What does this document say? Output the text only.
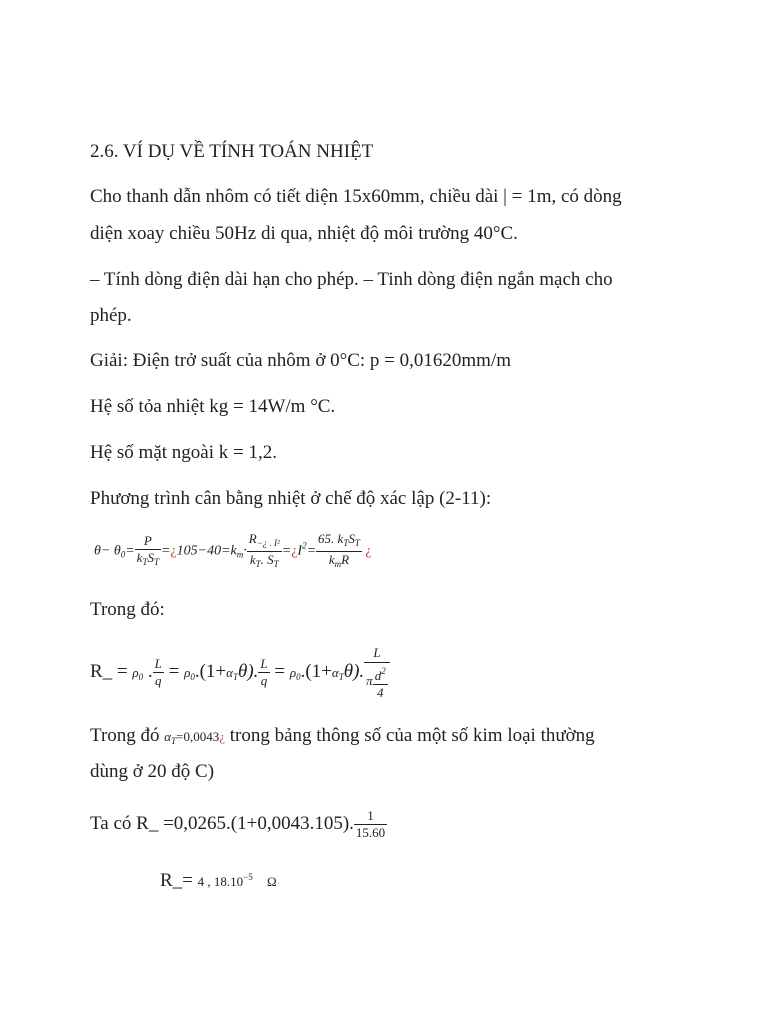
2.6. VÍ DỤ VỀ TÍNH TOÁN NHIỆT

Cho thanh dẫn nhôm có tiết diện 15x60mm, chiều dài | = 1m, có dòng

diện xoay chiều 50Hz di qua, nhiệt độ môi trường 40°C.

– Tính dòng điện dài hạn cho phép. – Tinh dòng điện ngắn mạch cho

phép.

Giải: Điện trở suất của nhôm ở 0°C: p = 0,01620mm/m

Hệ số tỏa nhiệt kg = 14W/m °C.

Hệ số mặt ngoài k = 1,2.

Phương trình cân bằng nhiệt ở chế độ xác lập (2-11):

$\theta- \theta_0= \frac{P}{k_TS_T}$ $=¿105-40=k_m\cdot \frac{R_{-¿ . I^2}}{k_T. S_T}$ $=¿I^2= \frac{65. k_TS_T}{k_mR}$ ¿

Trong đó:

R_ = $\rho_0$ . $\frac{L}{q} = \rho_0.(1+\alpha_T\theta)$. $\frac{L}{q} = \rho_0.(1+\alpha_T\theta)$. $\frac{L}{\pi \frac{d^2}{4}}$

Trong đó $\alpha_T=0,0043¿$ trong bảng thông số của một số kim loại thường

dùng ở 20 độ C)

Ta có R_ =0,0265.(1+0,0043.105). $\frac{1}{15.60}$

R_= 4 , $18.10^{-5}$ Ω
